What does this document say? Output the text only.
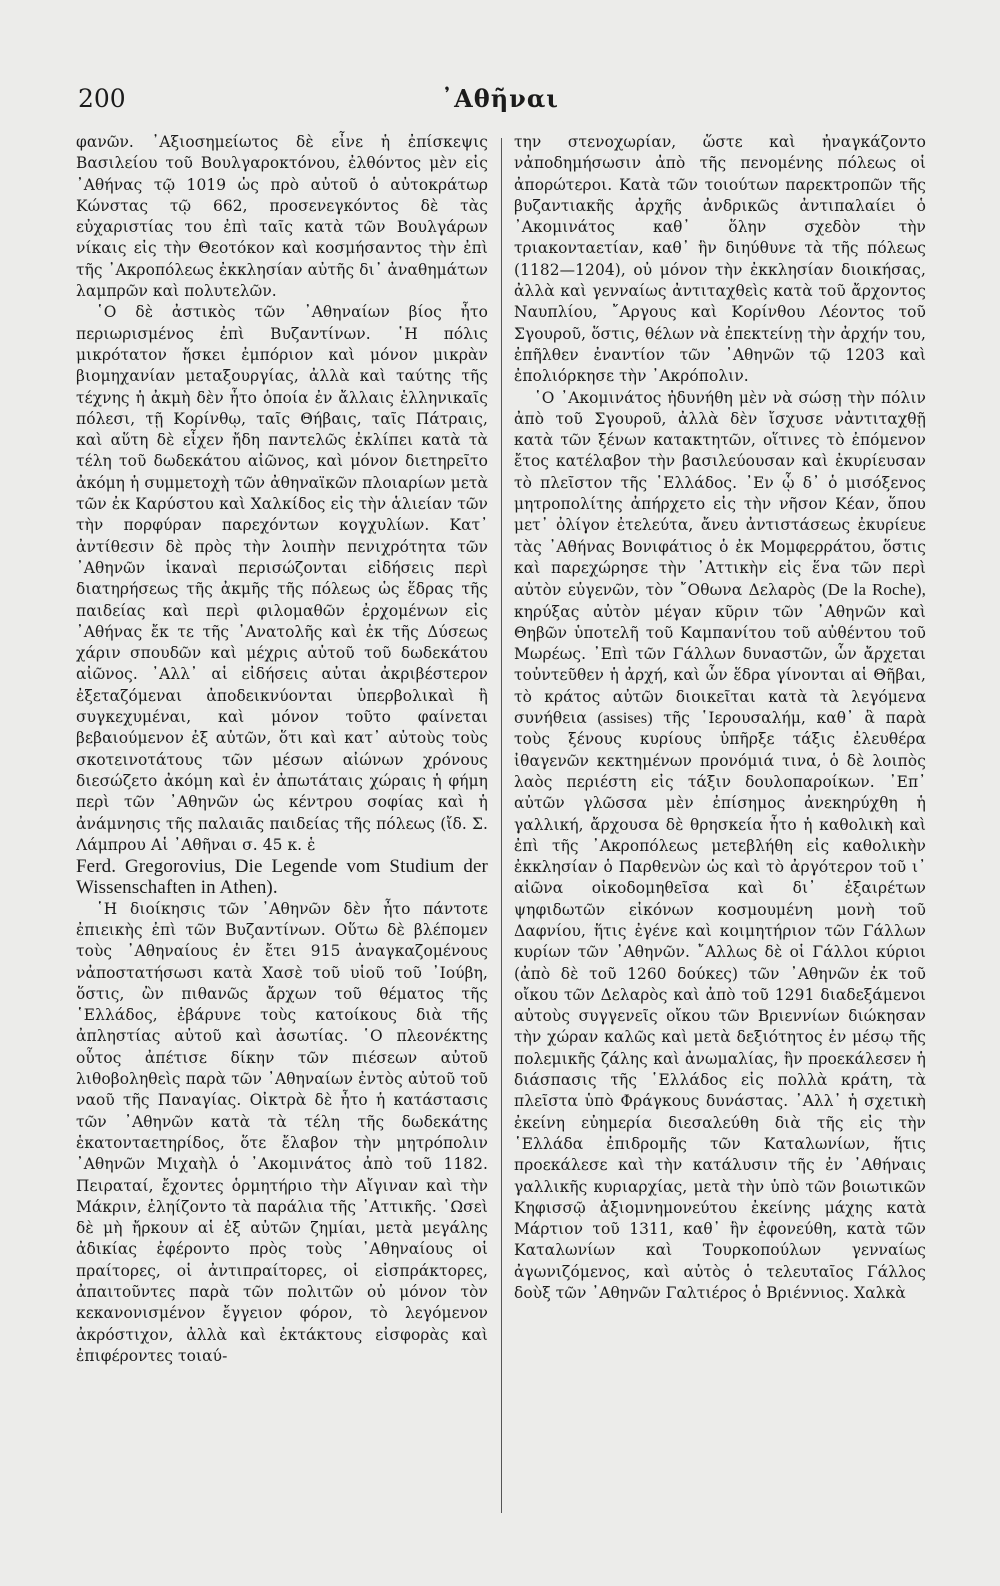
200	᾽Αθῆναι

φανῶν. ᾽Αξιοσημείωτος δὲ εἶνε ἡ ἐπίσκεψις Βασιλείου τοῦ Βουλγαροκτόνου, ἐλθόντος μὲν εἰς ᾽Αθήνας τῷ 1019 ὡς πρὸ αὐτοῦ ὁ αὐτοκράτωρ Κώνστας τῷ 662, προσενεγκόντος δὲ τὰς εὐχαριστίας του ἐπὶ ταῖς κατὰ τῶν Βουλγάρων νίκαις εἰς τὴν Θεοτόκον καὶ κοσμήσαντος τὴν ἐπὶ τῆς ᾽Ακροπόλεως ἐκκλησίαν αὐτῆς δι᾽ ἀναθημάτων λαμπρῶν καὶ πολυτελῶν.

῾Ο δὲ ἀστικὸς τῶν ᾽Αθηναίων βίος ἦτο περιωρισμένος ἐπὶ Βυζαντίνων. ῾Η πόλις μικρότατον ἤσκει ἐμπόριον καὶ μόνον μικρὰν βιομηχανίαν μεταξουργίας, ἀλλὰ καὶ ταύτης τῆς τέχνης ἡ ἀκμὴ δὲν ἦτο ὁποία ἐν ἄλλαις ἑλληνικαῖς πόλεσι, τῇ Κορίνθῳ, ταῖς Θήβαις, ταῖς Πάτραις, καὶ αὕτη δὲ εἶχεν ἤδη παντελῶς ἐκλίπει κατὰ τὰ τέλη τοῦ δωδεκάτου αἰῶνος, καὶ μόνον διετηρεῖτο ἀκόμη ἡ συμμετοχὴ τῶν ἀθηναϊκῶν πλοιαρίων μετὰ τῶν ἐκ Καρύστου καὶ Χαλκίδος εἰς τὴν ἁλιείαν τῶν τὴν πορφύραν παρεχόντων κογχυλίων. Κατ᾽ ἀντίθεσιν δὲ πρὸς τὴν λοιπὴν πενιχρότητα τῶν ᾽Αθηνῶν ἱκαναὶ περισώζονται εἰδήσεις περὶ διατηρήσεως τῆς ἀκμῆς τῆς πόλεως ὡς ἕδρας τῆς παιδείας καὶ περὶ φιλομαθῶν ἐρχομένων εἰς ᾽Αθήνας ἔκ τε τῆς ᾽Ανατολῆς καὶ ἐκ τῆς Δύσεως χάριν σπουδῶν καὶ μέχρις αὐτοῦ τοῦ δωδεκάτου αἰῶνος. ᾽Αλλ᾽ αἱ εἰδήσεις αὐται ἀκριβέστερον ἐξεταζόμεναι ἀποδεικνύονται ὑπερβολικαὶ ἢ συγκεχυμέναι, καὶ μόνον τοῦτο φαίνεται βεβαιούμενον ἐξ αὐτῶν, ὅτι καὶ κατ᾽ αὐτοὺς τοὺς σκοτεινοτάτους τῶν μέσων αἰώνων χρόνους διεσώζετο ἀκόμη καὶ ἐν ἀπωτάταις χώραις ἡ φήμη περὶ τῶν ᾽Αθηνῶν ὡς κέντρου σοφίας καὶ ἡ ἀνάμνησις τῆς παλαιᾶς παιδείας τῆς πόλεως (ἴδ. Σ. Λάμπρου Αἱ ᾽Αθῆναι σ. 45 κ. ἑ

Ferd. Gregorovius, Die Legende vom Studium der Wissenschaften in Athen).

῾Η διοίκησις τῶν ᾽Αθηνῶν δὲν ἦτο πάντοτε ἐπιεικὴς ἐπὶ τῶν Βυζαντίνων. Οὕτω δὲ βλέπομεν τοὺς ᾽Αθηναίους ἐν ἔτει 915 ἀναγκαζομένους νἀποστατήσωσι κατὰ Χασὲ τοῦ υἱοῦ τοῦ ᾽Ιούβη, ὅστις, ὢν πιθανῶς ἄρχων τοῦ θέματος τῆς ῾Ελλάδος, ἐβάρυνε τοὺς κατοίκους διὰ τῆς ἀπληστίας αὐτοῦ καὶ ἀσωτίας. ῾Ο πλεονέκτης οὗτος ἀπέτισε δίκην τῶν πιέσεων αὐτοῦ λιθοβοληθεὶς παρὰ τῶν ᾽Αθηναίων ἐντὸς αὐτοῦ τοῦ ναοῦ τῆς Παναγίας. Οἰκτρὰ δὲ ἦτο ἡ κατάστασις τῶν ᾽Αθηνῶν κατὰ τὰ τέλη τῆς δωδεκάτης ἑκατονταετηρίδος, ὅτε ἔλαβον τὴν μητρόπολιν ᾽Αθηνῶν Μιχαὴλ ὁ ᾽Ακομινάτος ἀπὸ τοῦ 1182. Πειραταί, ἔχοντες ὁρμητήριο τὴν Αἴγιναν καὶ τὴν Μάκριν, ἐληίζοντο τὰ παράλια τῆς ᾽Αττικῆς. ῾Ωσεὶ δὲ μὴ ἤρκουν αἱ ἐξ αὐτῶν ζημίαι, μετὰ μεγάλης ἀδικίας ἐφέροντο πρὸς τοὺς ᾽Αθηναίους οἱ πραίτορες, οἱ ἀντιπραίτορες, οἱ εἰσπράκτορες, ἀπαιτοῦντες παρὰ τῶν πολιτῶν οὐ μόνον τὸν κεκανονισμένον ἔγγειον φόρον, τὸ λεγόμενον ἀκρόστιχον, ἀλλὰ καὶ ἐκτάκτους εἰσφορὰς καὶ ἐπιφέροντες τοιαύ-

την στενοχωρίαν, ὥστε καὶ ἠναγκάζοντο νἀποδημήσωσιν ἀπὸ τῆς πενομένης πόλεως οἱ ἀπορώτεροι. Κατὰ τῶν τοιούτων παρεκτροπῶν τῆς βυζαντιακῆς ἀρχῆς ἀνδρικῶς ἀντιπαλαίει ὁ ᾽Ακομινάτος καθ᾽ ὅλην σχεδὸν τὴν τριακονταετίαν, καθ᾽ ἣν διηύθυνε τὰ τῆς πόλεως (1182—1204), οὐ μόνον τὴν ἐκκλησίαν διοικήσας, ἀλλὰ καὶ γενναίως ἀντιταχθεὶς κατὰ τοῦ ἄρχοντος Ναυπλίου, ῎Αργους καὶ Κορίνθου Λέοντος τοῦ Σγουροῦ, ὅστις, θέλων νὰ ἐπεκτείνῃ τὴν ἀρχήν του, ἐπῆλθεν ἐναντίον τῶν ᾽Αθηνῶν τῷ 1203 καὶ ἐπολιόρκησε τὴν ᾽Ακρόπολιν.

῾Ο ᾽Ακομινάτος ἠδυνήθη μὲν νὰ σώσῃ τὴν πόλιν ἀπὸ τοῦ Σγουροῦ, ἀλλὰ δὲν ἴσχυσε νἀντιταχθῇ κατὰ τῶν ξένων κατακτητῶν, οἵτινες τὸ ἐπόμενον ἔτος κατέλαβον τὴν βασιλεύουσαν καὶ ἐκυρίευσαν τὸ πλεῖστον τῆς ῾Ελλάδος. ᾽Εν ᾧ δ᾽ ὁ μισόξενος μητροπολίτης ἀπήρχετο εἰς τὴν νῆσον Κέαν, ὅπου μετ᾽ ὀλίγον ἐτελεύτα, ἄνευ ἀντιστάσεως ἐκυρίευε τὰς ᾽Αθήνας Βονιφάτιος ὁ ἐκ Μομφερράτου, ὅστις καὶ παρεχώρησε τὴν ᾽Αττικὴν εἰς ἕνα τῶν περὶ αὐτὸν εὐγενῶν, τὸν ῎Οθωνα Δελαρὸς (De la Roche), κηρύξας αὐτὸν μέγαν κῦριν τῶν ᾽Αθηνῶν καὶ Θηβῶν ὑποτελῆ τοῦ Καμπανίτου τοῦ αὐθέντου τοῦ Μωρέως. ᾽Επὶ τῶν Γάλλων δυναστῶν, ὧν ἄρχεται τοὐντεῦθεν ἡ ἀρχή, καὶ ὧν ἕδρα γίνονται αἱ Θῆβαι, τὸ κράτος αὐτῶν διοικεῖται κατὰ τὰ λεγόμενα συνήθεια (assises) τῆς ῾Ιερουσαλήμ, καθ᾽ ἃ παρὰ τοὺς ξένους κυρίους ὑπῆρξε τάξις ἐλευθέρα ἰθαγενῶν κεκτημένων προνόμιά τινα, ὁ δὲ λοιπὸς λαὸς περιέστη εἰς τάξιν δουλοπαροίκων. ᾽Επ᾽ αὐτῶν γλῶσσα μὲν ἐπίσημος ἀνεκηρύχθη ἡ γαλλική, ἄρχουσα δὲ θρησκεία ἦτο ἡ καθολικὴ καὶ ἐπὶ τῆς ᾽Ακροπόλεως μετεβλήθη εἰς καθολικὴν ἐκκλησίαν ὁ Παρθενὼν ὡς καὶ τὸ ἀργότερον τοῦ ι᾽ αἰῶνα οἰκοδομηθεῖσα καὶ δι᾽ ἐξαιρέτων ψηφιδωτῶν εἰκόνων κοσμουμένη μονὴ τοῦ Δαφνίου, ἥτις ἐγένε καὶ κοιμητήριον τῶν Γάλλων κυρίων τῶν ᾽Αθηνῶν. ῎Αλλως δὲ οἱ Γάλλοι κύριοι (ἀπὸ δὲ τοῦ 1260 δούκες) τῶν ᾽Αθηνῶν ἐκ τοῦ οἴκου τῶν Δελαρὸς καὶ ἀπὸ τοῦ 1291 διαδεξάμενοι αὐτοὺς συγγενεῖς οἴκου τῶν Βριεννίων διώκησαν τὴν χώραν καλῶς καὶ μετὰ δεξιότητος ἐν μέσῳ τῆς πολεμικῆς ζάλης καὶ ἀνωμαλίας, ἣν προεκάλεσεν ἡ διάσπασις τῆς ῾Ελλάδος εἰς πολλὰ κράτη, τὰ πλεῖστα ὑπὸ Φράγκους δυνάστας. ᾽Αλλ᾽ ἡ σχετικὴ ἐκείνη εὐημερία διεσαλεύθη διὰ τῆς εἰς τὴν ῾Ελλάδα ἐπιδρομῆς τῶν Καταλωνίων, ἥτις προεκάλεσε καὶ τὴν κατάλυσιν τῆς ἐν ᾽Αθήναις γαλλικῆς κυριαρχίας, μετὰ τὴν ὑπὸ τῶν βοιωτικῶν Κηφισσῷ ἀξιομνημονεύτου ἐκείνης μάχης κατὰ Μάρτιον τοῦ 1311, καθ᾽ ἣν ἐφονεύθη, κατὰ τῶν Καταλωνίων καὶ Τουρκοπούλων γενναίως ἀγωνιζόμενος, καὶ αὐτὸς ὁ τελευταῖος Γάλλος δοὺξ τῶν ᾽Αθηνῶν Γαλτιέρος ὁ Βριέννιος. Χαλκὰ
